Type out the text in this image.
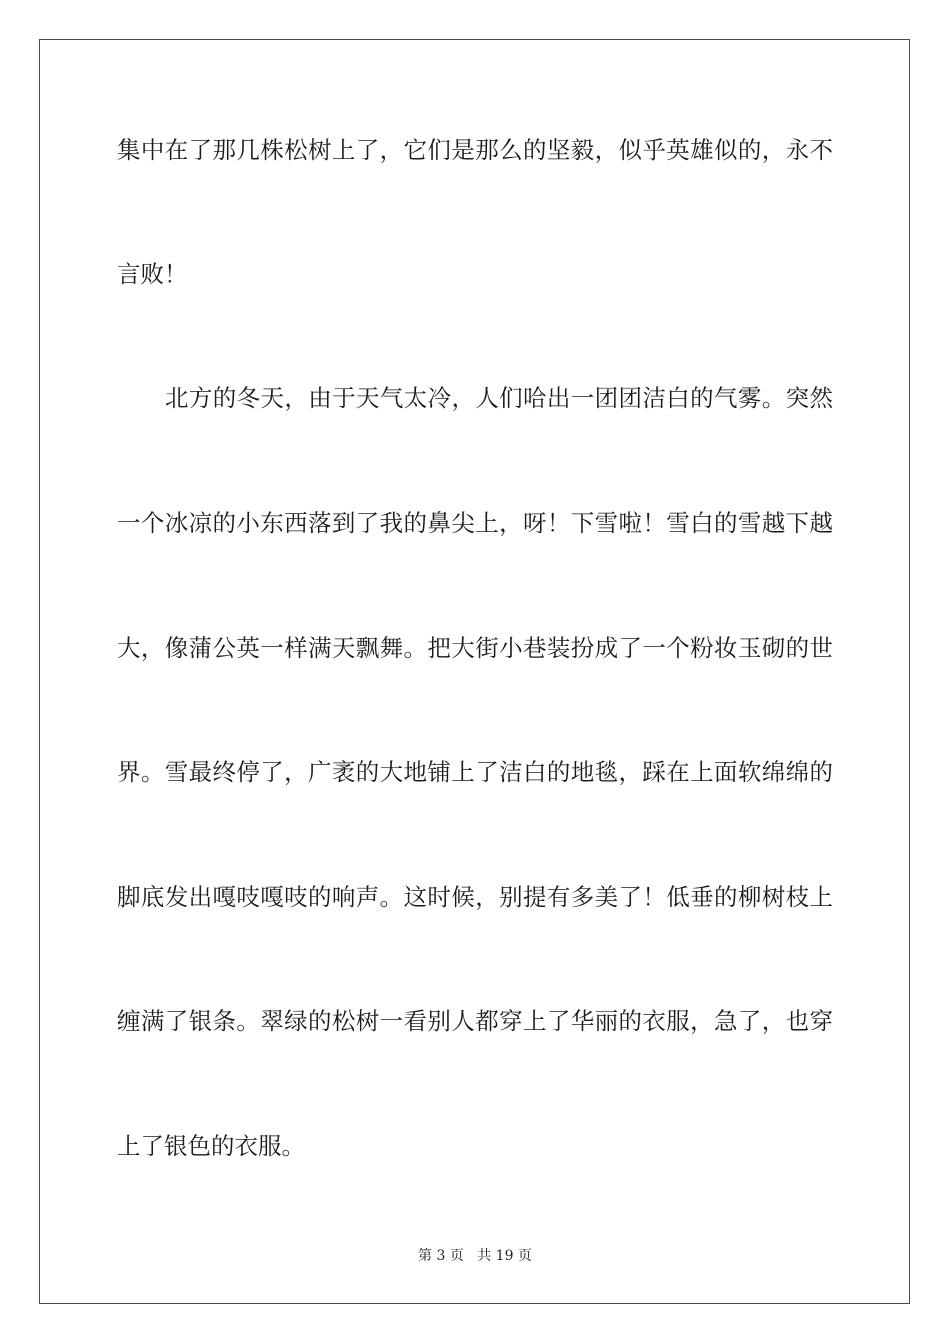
集中在了那几株松树上了，它们是那么的坚毅，似乎英雄似的，永不
言败！
北方的冬天，由于天气太冷，人们哈出一团团洁白的气雾。突然
一个冰凉的小东西落到了我的鼻尖上，呀！下雪啦！雪白的雪越下越
大，像蒲公英一样满天飘舞。把大街小巷装扮成了一个粉妆玉砌的世
界。雪最终停了，广袤的大地铺上了洁白的地毯，踩在上面软绵绵的
脚底发出嘎吱嘎吱的响声。这时候，别提有多美了！低垂的柳树枝上
缠满了银条。翠绿的松树一看别人都穿上了华丽的衣服，急了，也穿
上了银色的衣服。
第 3 页 共 19 页
